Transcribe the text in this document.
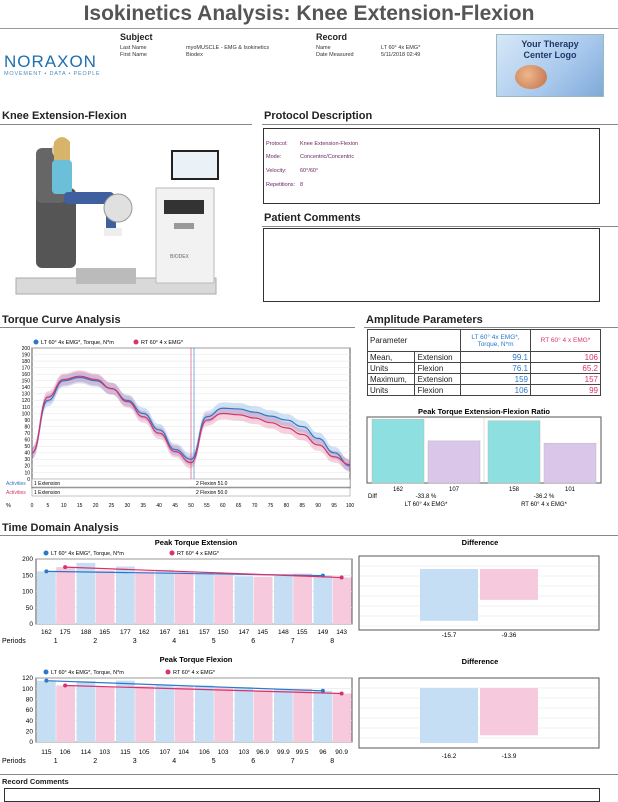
Isokinetics Analysis: Knee Extension-Flexion
NORAXON
MOVEMENT • DATA • PEOPLE
Subject
Last Name	myoMUSCLE - EMG & Isokinetics
First Name	Biodex
Record
Name	LT 60° 4x EMG*
Date Measured	5/11/2018 02:49
Your Therapy Center Logo
Knee Extension-Flexion
BIODEX
Protocol Description
Protocol: Knee Extension-Flexion
Mode:	Concentric/Concentric
Velocity: 60°/60°
Repetitions: 8
Patient Comments
Torque Curve Analysis
LT 60° 4x EMG*, Torque, N*m	RT 60° 4 x EMG*
200
190
180
170
160
150
140
130
120
110
100
90
80
70
60
50
40
30
20
10
0
Activities
Activities
1 Extension	2 Flexion 51.0
1 Extension	2 Flexion 50.0
%	0	5 10 15 20 25 30 35 40 45 50 55 60 65 70 75 80 85 90 95 100
Amplitude Parameters
Parameter		LT 60° 4x EMG*, Torque, N*m	RT 60° 4 x EMG*
Mean,	Extension	99.1	106
Units	Flexion	76.1	65.2
Maximum,	Extension	159	157
Units	Flexion	106	99
Peak Torque Extension-Flexion Ratio
162	107	158	101
Diff	-33.8 %	-36.2 %
LT 60° 4x EMG*	RT 60° 4 x EMG*
Time Domain Analysis
Peak Torque Extension
LT 60° 4x EMG*, Torque, N*m	RT 60° 4 x EMG*
200
150
100
50
0
1	2	3	4	5	6	7	8
162 175 188 165 177 162 167 161 157 150 147 145 148 155 149 143
Periods
Difference
-15.7	-9.36
Peak Torque Flexion
LT 60° 4x EMG*, Torque, N*m	RT 60° 4 x EMG*
120
100
80
60
40
20
0
1	2	3	4	5	6	7	8
115 106 114 103 115 105 107 104 106 103 103 96.9 99.9 99.5 96 90.9
Periods
Difference
-16.2	-13.9
Record Comments
